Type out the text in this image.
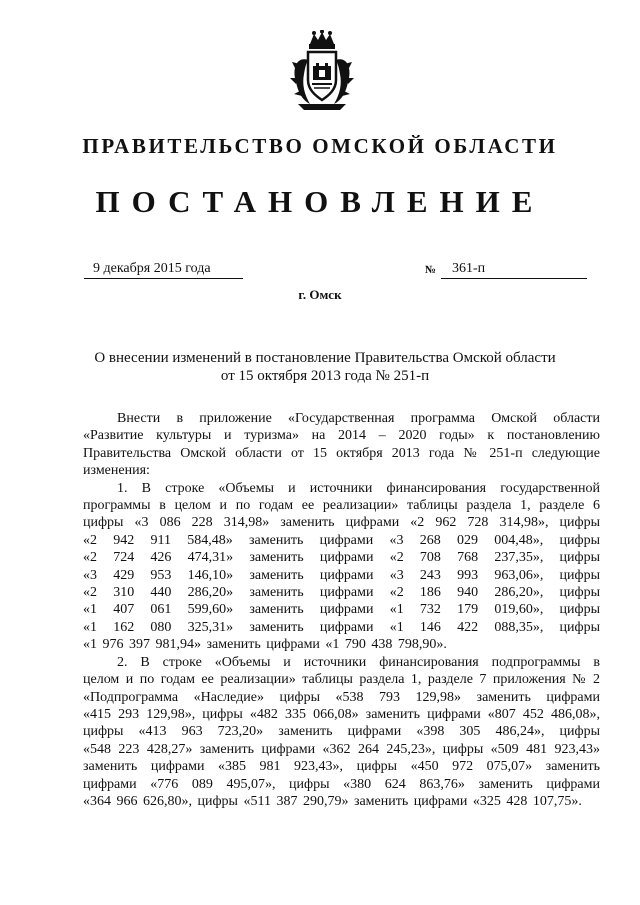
ПРАВИТЕЛЬСТВО ОМСКОЙ ОБЛАСТИ
ПОСТАНОВЛЕНИЕ
9 декабря 2015 года	№	361-п
г. Омск
О внесении изменений в постановление Правительства Омской области
от 15 октября 2013 года № 251-п

Внести в приложение «Государственная программа Омской области

«Развитие культуры и туризма» на 2014 – 2020 годы» к постановлению

Правительства Омской области от 15 октября 2013 года № 251-п следующие

изменения:

1. В строке «Объемы и источники финансирования государственной

программы в целом и по годам ее реализации» таблицы раздела 1, разделе 6

цифры «3 086 228 314,98» заменить цифрами «2 962 728 314,98», цифры

«2 942 911 584,48» заменить цифрами «3 268 029 004,48», цифры

«2 724 426 474,31» заменить цифрами «2 708 768 237,35», цифры

«3 429 953 146,10» заменить цифрами «3 243 993 963,06», цифры

«2 310 440 286,20» заменить цифрами «2 186 940 286,20», цифры

«1 407 061 599,60» заменить цифрами «1 732 179 019,60», цифры

«1 162 080 325,31» заменить цифрами «1 146 422 088,35», цифры

«1 976 397 981,94» заменить цифрами «1 790 438 798,90».

2. В строке «Объемы и источники финансирования подпрограммы в

целом и по годам ее реализации» таблицы раздела 1, разделе 7 приложения № 2

«Подпрограмма «Наследие» цифры «538 793 129,98» заменить цифрами

«415 293 129,98», цифры «482 335 066,08» заменить цифрами «807 452 486,08»,

цифры «413 963 723,20» заменить цифрами «398 305 486,24», цифры

«548 223 428,27» заменить цифрами «362 264 245,23», цифры «509 481 923,43»

заменить цифрами «385 981 923,43», цифры «450 972 075,07» заменить

цифрами «776 089 495,07», цифры «380 624 863,76» заменить цифрами

«364 966 626,80», цифры «511 387 290,79» заменить цифрами «325 428 107,75».
